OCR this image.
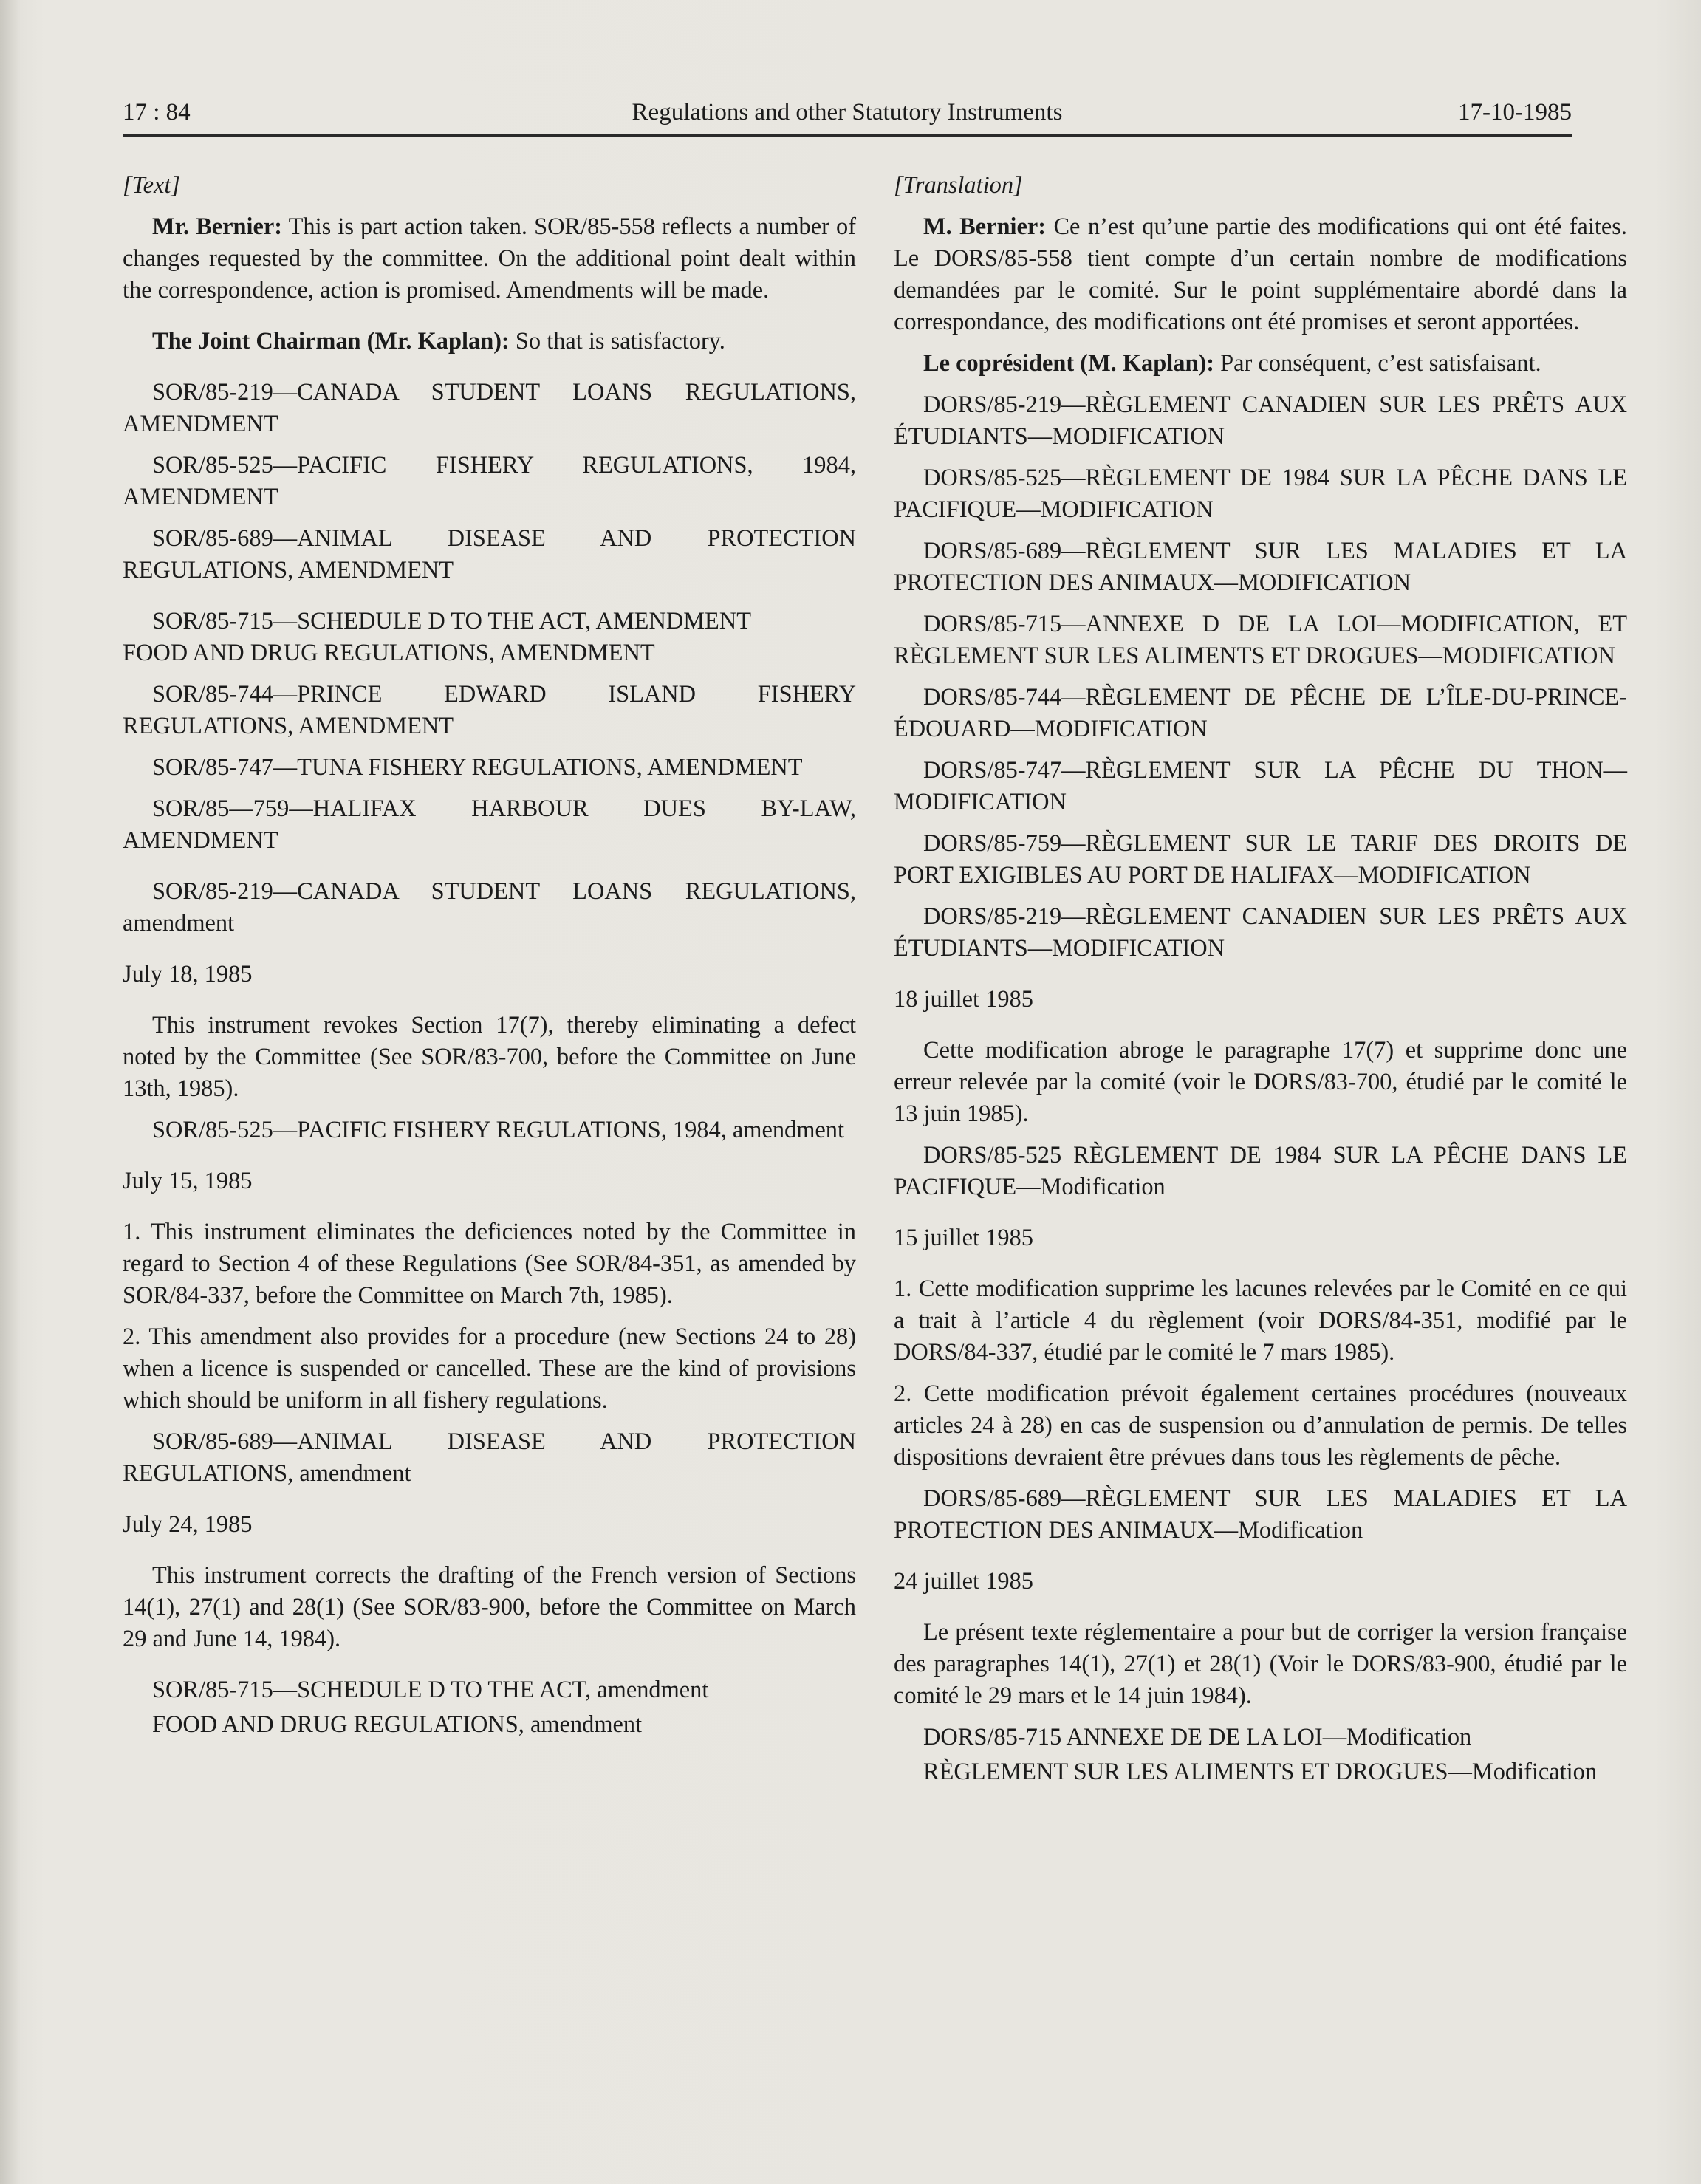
17 : 84	Regulations and other Statutory Instruments	17-10-1985

[Text]

Mr. Bernier: This is part action taken. SOR/85-558 reflects a number of changes requested by the committee. On the additional point dealt within the correspondence, action is promised. Amendments will be made.

The Joint Chairman (Mr. Kaplan): So that is satisfactory.

SOR/85-219—CANADA STUDENT LOANS REGULATIONS, AMENDMENT

SOR/85-525—PACIFIC FISHERY REGULATIONS, 1984, AMENDMENT

SOR/85-689—ANIMAL DISEASE AND PROTECTION REGULATIONS, AMENDMENT

SOR/85-715—SCHEDULE D TO THE ACT, AMENDMENT

FOOD AND DRUG REGULATIONS, AMENDMENT

SOR/85-744—PRINCE EDWARD ISLAND FISHERY REGULATIONS, AMENDMENT

SOR/85-747—TUNA FISHERY REGULATIONS, AMENDMENT

SOR/85—759—HALIFAX HARBOUR DUES BY-LAW, AMENDMENT

SOR/85-219—CANADA STUDENT LOANS REGULATIONS, amendment

July 18, 1985

This instrument revokes Section 17(7), thereby eliminating a defect noted by the Committee (See SOR/83-700, before the Committee on June 13th, 1985).

SOR/85-525—PACIFIC FISHERY REGULATIONS, 1984, amendment

July 15, 1985

1. This instrument eliminates the deficiences noted by the Committee in regard to Section 4 of these Regulations (See SOR/84-351, as amended by SOR/84-337, before the Committee on March 7th, 1985).

2. This amendment also provides for a procedure (new Sections 24 to 28) when a licence is suspended or cancelled. These are the kind of provisions which should be uniform in all fishery regulations.

SOR/85-689—ANIMAL DISEASE AND PROTECTION REGULATIONS, amendment

July 24, 1985

This instrument corrects the drafting of the French version of Sections 14(1), 27(1) and 28(1) (See SOR/83-900, before the Committee on March 29 and June 14, 1984).

SOR/85-715—SCHEDULE D TO THE ACT, amendment

FOOD AND DRUG REGULATIONS, amendment

[Translation]

M. Bernier: Ce n’est qu’une partie des modifications qui ont été faites. Le DORS/85-558 tient compte d’un certain nombre de modifications demandées par le comité. Sur le point supplémentaire abordé dans la correspondance, des modifications ont été promises et seront apportées.

Le coprésident (M. Kaplan): Par conséquent, c’est satisfaisant.

DORS/85-219—RÈGLEMENT CANADIEN SUR LES PRÊTS AUX ÉTUDIANTS—MODIFICATION

DORS/85-525—RÈGLEMENT DE 1984 SUR LA PÊCHE DANS LE PACIFIQUE—MODIFICATION

DORS/85-689—RÈGLEMENT SUR LES MALADIES ET LA PROTECTION DES ANIMAUX—MODIFICATION

DORS/85-715—ANNEXE D DE LA LOI—MODIFICATION, ET RÈGLEMENT SUR LES ALIMENTS ET DROGUES—MODIFICATION

DORS/85-744—RÈGLEMENT DE PÊCHE DE L’ÎLE-DU-PRINCE-ÉDOUARD—MODIFICATION

DORS/85-747—RÈGLEMENT SUR LA PÊCHE DU THON—MODIFICATION

DORS/85-759—RÈGLEMENT SUR LE TARIF DES DROITS DE PORT EXIGIBLES AU PORT DE HALIFAX—MODIFICATION

DORS/85-219—RÈGLEMENT CANADIEN SUR LES PRÊTS AUX ÉTUDIANTS—MODIFICATION

18 juillet 1985

Cette modification abroge le paragraphe 17(7) et supprime donc une erreur relevée par la comité (voir le DORS/83-700, étudié par le comité le 13 juin 1985).

DORS/85-525 RÈGLEMENT DE 1984 SUR LA PÊCHE DANS LE PACIFIQUE—Modification

15 juillet 1985

1. Cette modification supprime les lacunes relevées par le Comité en ce qui a trait à l’article 4 du règlement (voir DORS/84-351, modifié par le DORS/84-337, étudié par le comité le 7 mars 1985).

2. Cette modification prévoit également certaines procédures (nouveaux articles 24 à 28) en cas de suspension ou d’annulation de permis. De telles dispositions devraient être prévues dans tous les règlements de pêche.

DORS/85-689—RÈGLEMENT SUR LES MALADIES ET LA PROTECTION DES ANIMAUX—Modification

24 juillet 1985

Le présent texte réglementaire a pour but de corriger la version française des paragraphes 14(1), 27(1) et 28(1) (Voir le DORS/83-900, étudié par le comité le 29 mars et le 14 juin 1984).

DORS/85-715 ANNEXE DE DE LA LOI—Modification

RÈGLEMENT SUR LES ALIMENTS ET DROGUES—Modification
